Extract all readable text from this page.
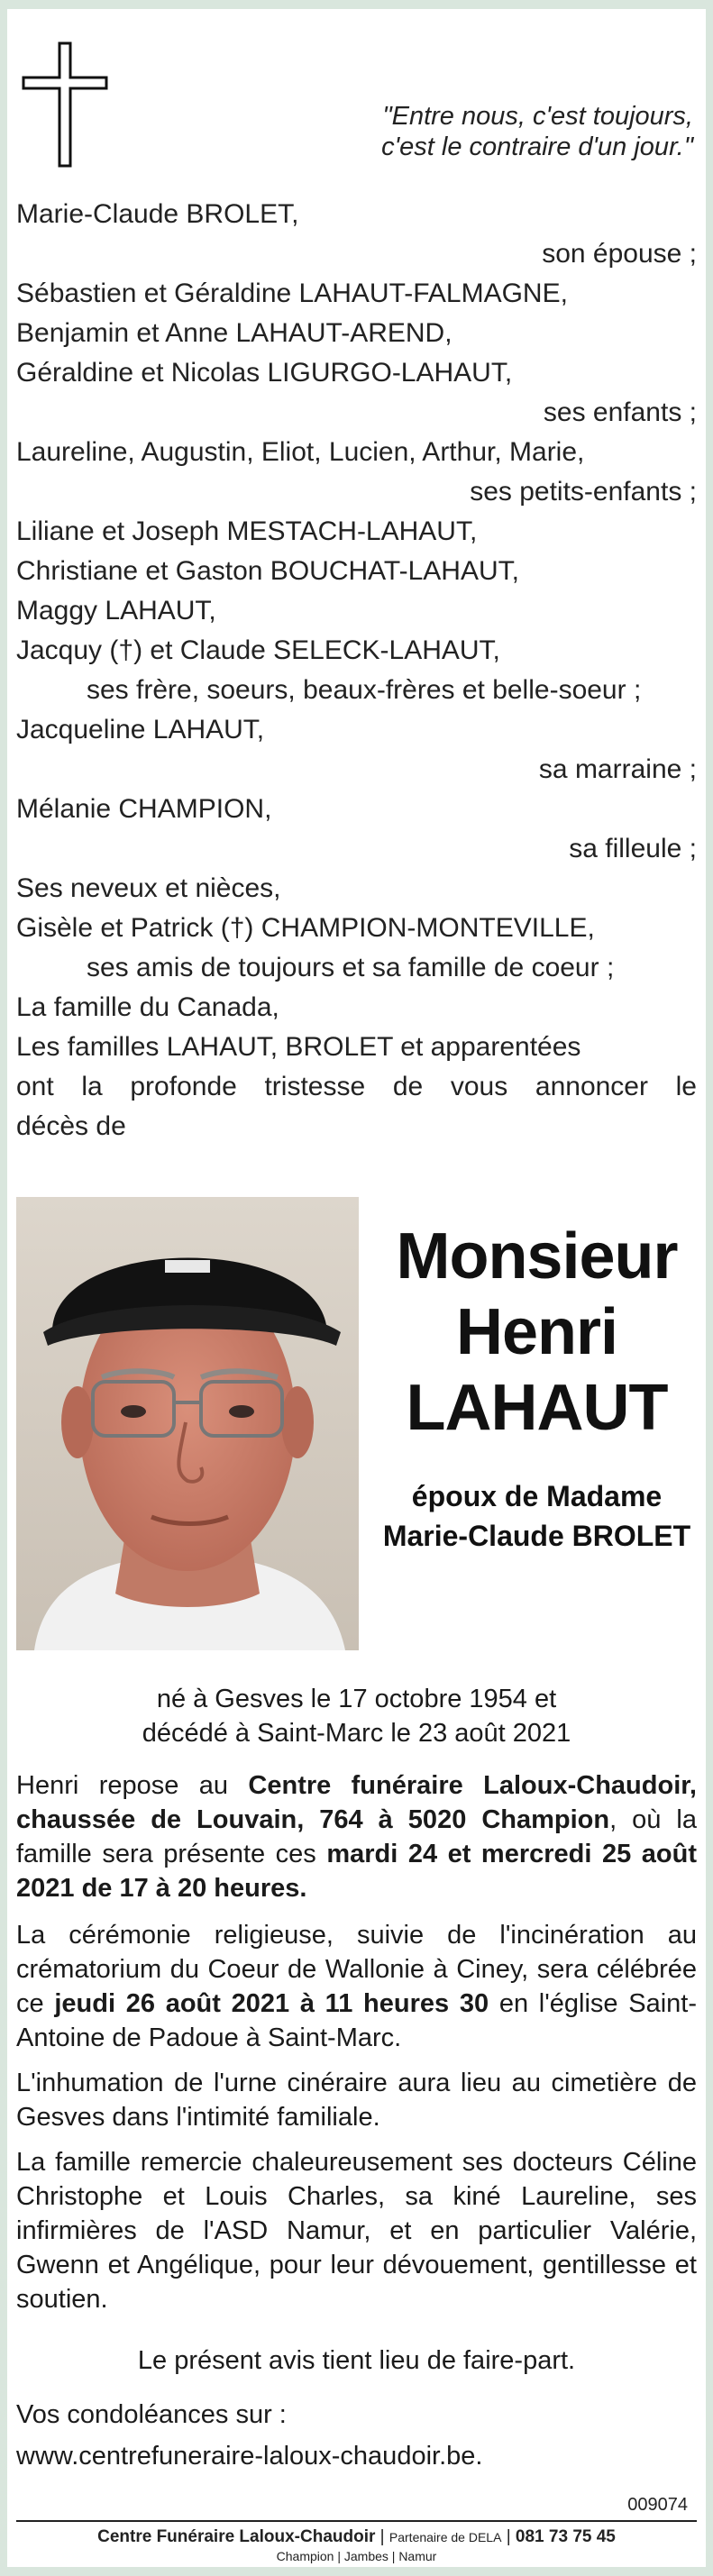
"Entre nous, c'est toujours,
c'est le contraire d'un jour."
Marie-Claude BROLET,
son épouse ;
Sébastien et Géraldine LAHAUT-FALMAGNE,
Benjamin et Anne LAHAUT-AREND,
Géraldine et Nicolas LIGURGO-LAHAUT,
ses enfants ;
Laureline, Augustin, Eliot, Lucien, Arthur, Marie,
ses petits-enfants ;
Liliane et Joseph MESTACH-LAHAUT,
Christiane et Gaston BOUCHAT-LAHAUT,
Maggy LAHAUT,
Jacquy (†) et Claude SELECK-LAHAUT,
ses frère, soeurs, beaux-frères et belle-soeur ;
Jacqueline LAHAUT,
sa marraine ;
Mélanie CHAMPION,
sa filleule ;
Ses neveux et nièces,
Gisèle et Patrick (†) CHAMPION-MONTEVILLE,
ses amis de toujours et sa famille de coeur ;
La famille du Canada,
Les familles LAHAUT, BROLET et apparentées
ont la profonde tristesse de vous annoncer le
décès de
Monsieur
Henri
LAHAUT
époux de Madame
Marie-Claude BROLET
né à Gesves le 17 octobre 1954 et
décédé à Saint-Marc le 23 août 2021
Henri repose au Centre funéraire Laloux-Chaudoir, chaussée de Louvain, 764 à 5020 Champion, où la famille sera présente ces mardi 24 et mercredi 25 août 2021 de 17 à 20 heures.
La cérémonie religieuse, suivie de l'incinération au crématorium du Coeur de Wallonie à Ciney, sera célébrée ce jeudi 26 août 2021 à 11 heures 30 en l'église Saint-Antoine de Padoue à Saint-Marc.
L'inhumation de l'urne cinéraire aura lieu au cimetière de Gesves dans l'intimité familiale.
La famille remercie chaleureusement ses docteurs Céline Christophe et Louis Charles, sa kiné Laureline, ses infirmières de l'ASD Namur, et en particulier Valérie, Gwenn et Angélique, pour leur dévouement, gentillesse et soutien.
Le présent avis tient lieu de faire-part.
Vos condoléances sur :
www.centrefuneraire-laloux-chaudoir.be.
009074
Centre Funéraire Laloux-Chaudoir | Partenaire de DELA | 081 73 75 45
Champion | Jambes | Namur
